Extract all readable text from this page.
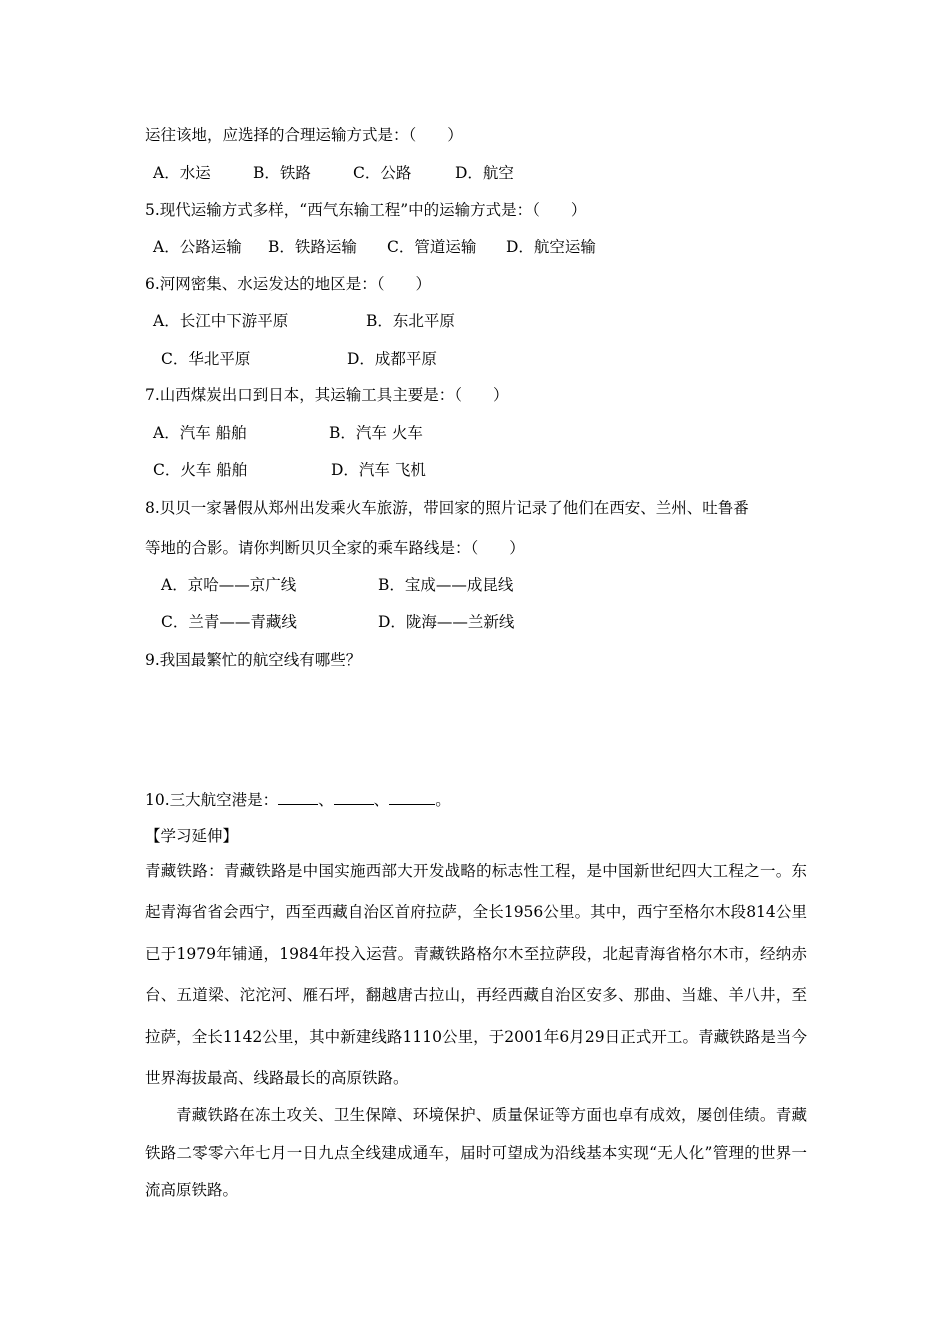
运往该地，应选择的合理运输方式是：（　　）
A．水运	B．铁路	C．公路	D．航空
5.现代运输方式多样，“西气东输工程”中的运输方式是：（　　）
A．公路运输 B．铁路运输 C．管道运输 D．航空运输
6.河网密集、水运发达的地区是：（　　）
A．长江中下游平原	B．东北平原
C．华北平原	D．成都平原
7.山西煤炭出口到日本，其运输工具主要是：（　　）
A．汽车 船舶	B．汽车 火车
C．火车 船舶	D．汽车 飞机
8.贝贝一家暑假从郑州出发乘火车旅游，带回家的照片记录了他们在西安、兰州、吐鲁番
等地的合影。请你判断贝贝全家的乘车路线是：（　　）
A．京哈——京广线	B．宝成——成昆线
C．兰青——青藏线	D．陇海——兰新线
9.我国最繁忙的航空线有哪些？
10.三大航空港是：	、	、	。
【学习延伸】
青藏铁路：青藏铁路是中国实施西部大开发战略的标志性工程，是中国新世纪四大工程之一。东起青海省省会西宁，西至西藏自治区首府拉萨，全长1956公里。其中，西宁至格尔木段814公里已于1979年铺通，1984年投入运营。青藏铁路格尔木至拉萨段，北起青海省格尔木市，经纳赤台、五道梁、沱沱河、雁石坪，翻越唐古拉山，再经西藏自治区安多、那曲、当雄、羊八井，至拉萨，全长1142公里，其中新建线路1110公里，于2001年6月29日正式开工。青藏铁路是当今世界海拔最高、线路最长的高原铁路。
青藏铁路在冻土攻关、卫生保障、环境保护、质量保证等方面也卓有成效，屡创佳绩。青藏铁路二零零六年七月一日九点全线建成通车，届时可望成为沿线基本实现“无人化”管理的世界一流高原铁路。
